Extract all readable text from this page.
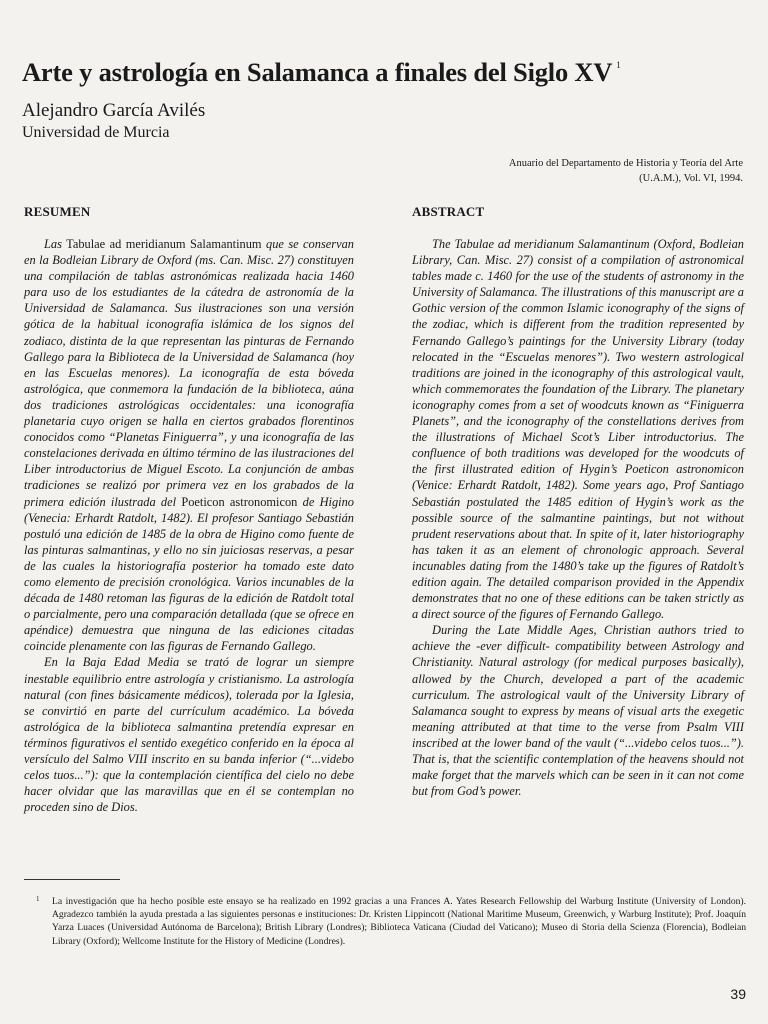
Arte y astrología en Salamanca a finales del Siglo XV $^1$
Alejandro García Avilés
Universidad de Murcia
Anuario del Departamento de Historia y Teoría del Arte
(U.A.M.), Vol. VI, 1994.
RESUMEN	ABSTRACT

Las Tabulae ad meridianum Salamantinum que se conservan en la Bodleian Library de Oxford (ms. Can. Misc. 27) constituyen una compilación de tablas astronómicas realizada hacia 1460 para uso de los estudiantes de la cátedra de astronomía de la Universidad de Salamanca. Sus ilustraciones son una versión gótica de la habitual iconografía islámica de los signos del zodiaco, distinta de la que representan las pinturas de Fernando Gallego para la Biblioteca de la Universidad de Salamanca (hoy en las Escuelas menores). La iconografía de esta bóveda astrológica, que conmemora la fundación de la biblioteca, aúna dos tradiciones astrológicas occidentales: una iconografía planetaria cuyo origen se halla en ciertos grabados florentinos conocidos como “Planetas Finiguerra”, y una iconografía de las constelaciones derivada en último término de las ilustraciones del Liber introductorius de Miguel Escoto. La conjunción de ambas tradiciones se realizó por primera vez en los grabados de la primera edición ilustrada del Poeticon astronomicon de Higino (Venecia: Erhardt Ratdolt, 1482). El profesor Santiago Sebastián postuló una edición de 1485 de la obra de Higino como fuente de las pinturas salmantinas, y ello no sin juiciosas reservas, a pesar de las cuales la historiografía posterior ha tomado este dato como elemento de precisión cronológica. Varios incunables de la década de 1480 retoman las figuras de la edición de Ratdolt total o parcialmente, pero una comparación detallada (que se ofrece en apéndice) demuestra que ninguna de las ediciones citadas coincide plenamente con las figuras de Fernando Gallego.

En la Baja Edad Media se trató de lograr un siempre inestable equilibrio entre astrología y cristianismo. La astrología natural (con fines básicamente médicos), tolerada por la Iglesia, se convirtió en parte del currículum académico. La bóveda astrológica de la biblioteca salmantina pretendía expresar en términos figurativos el sentido exegético conferido en la época al versículo del Salmo VIII inscrito en su banda inferior (“...videbo celos tuos...”): que la contemplación científica del cielo no debe hacer olvidar que las maravillas que en él se contemplan no proceden sino de Dios.

The Tabulae ad meridianum Salamantinum (Oxford, Bodleian Library, Can. Misc. 27) consist of a compilation of astronomical tables made c. 1460 for the use of the students of astronomy in the University of Salamanca. The illustrations of this manuscript are a Gothic version of the common Islamic iconography of the signs of the zodiac, which is different from the tradition represented by Fernando Gallego’s paintings for the University Library (today relocated in the “Escuelas menores”). Two western astrological traditions are joined in the iconography of this astrological vault, which commemorates the foundation of the Library. The planetary iconography comes from a set of woodcuts known as “Finiguerra Planets”, and the iconography of the constellations derives from the illustrations of Michael Scot’s Liber introductorius. The confluence of both traditions was developed for the woodcuts of the first illustrated edition of Hygin’s Poeticon astronomicon (Venice: Erhardt Ratdolt, 1482). Some years ago, Prof Santiago Sebastián postulated the 1485 edition of Hygin’s work as the possible source of the salmantine paintings, but not without prudent reservations about that. In spite of it, later historiography has taken it as an element of chronologic approach. Several incunables dating from the 1480’s take up the figures of Ratdolt’s edition again. The detailed comparison provided in the Appendix demonstrates that no one of these editions can be taken strictly as a direct source of the figures of Fernando Gallego.

During the Late Middle Ages, Christian authors tried to achieve the -ever difficult- compatibility between Astrology and Christianity. Natural astrology (for medical purposes basically), allowed by the Church, developed a part of the academic curriculum. The astrological vault of the University Library of Salamanca sought to express by means of visual arts the exegetic meaning attributed at that time to the verse from Psalm VIII inscribed at the lower band of the vault (“...videbo celos tuos...”). That is, that the scientific contemplation of the heavens should not make forget that the marvels which can be seen in it can not come but from God’s power.

1 La investigación que ha hecho posible este ensayo se ha realizado en 1992 gracias a una Frances A. Yates Research Fellowship del Warburg Institute (University of London). Agradezco también la ayuda prestada a las siguientes personas e instituciones: Dr. Kristen Lippincott (National Maritime Museum, Greenwich, y Warburg Institute); Prof. Joaquín Yarza Luaces (Universidad Autónoma de Barcelona); British Library (Londres); Biblioteca Vaticana (Ciudad del Vaticano); Museo di Storia della Scienza (Florencia), Bodleian Library (Oxford); Wellcome Institute for the History of Medicine (Londres).
39
